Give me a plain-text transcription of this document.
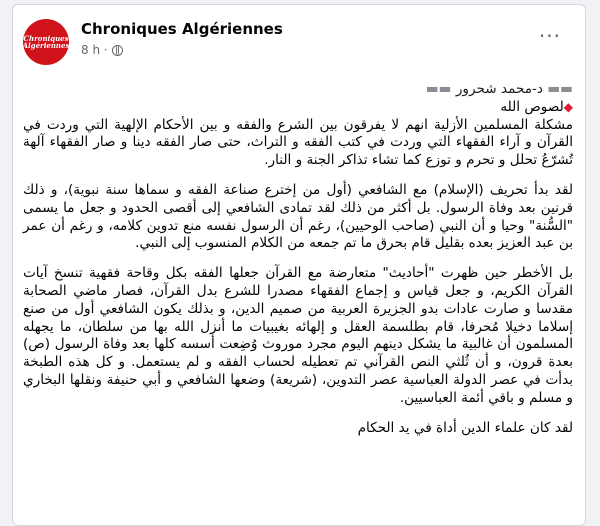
Chroniques
Algériennes
Chroniques Algériennes
8 h ·
···
▬▬ د-محمد شحرور ▬▬
◆لصوص الله

مشكلة المسلمين الأزلية انهم لا يفرقون بين الشرع والفقه و بين الأحكام الإلهية التي وردت في القرآن و آراء الفقهاء التي وردت في كتب الفقه و التراث، حتى صار الفقه دينا و صار الفقهاء آلهة تُشرّعُ تحلل و تحرم و توزع كما تشاء تذاكر الجنة و النار.

لقد بدأ تحريف (الإسلام) مع الشافعي (أول من إخترع صناعة الفقه و سماها سنة نبوية)، و ذلك قرنين بعد وفاة الرسول. بل أكثر من ذلك لقد تمادى الشافعي إلى أقصى الحدود و جعل ما يسمى "السُّنة" وحيا و أن النبي (صاحب الوحيين)، رغم أن الرسول نفسه منع تدوين كلامه، و رغم أن عمر بن عبد العزيز بعده بقليل قام بحرق ما تم جمعه من الكلام المنسوب إلى النبي.

بل الأخطر حين ظهرت "أحاديث" متعارضة مع القرآن جعلها الفقه بكل وقاحة فقهية تنسخ آيات القرآن الكريم، و جعل قياس و إجماع الفقهاء مصدرا للشرع بدل القرآن، فصار ماضي الصحابة مقدسا و صارت عادات بدو الجزيرة العربية من صميم الدين، و بذلك يكون الشافعي أول من صنع إسلاما دخيلا مُحرفا، قام بطلسمة العقل و إلهائه بغيبيات ما أنزل الله بها من سلطان، ما يجهله المسلمون أن غالبية ما يشكل دينهم اليوم مجرد موروث وُضِعت أسسه كلها بعد وفاة الرسول (ص) بعدة قرون، و أن ثُلثي النص القرآني تم تعطيله لحساب الفقه و لم يستعمل. و كل هذه الطبخة بدأت في عصر الدولة العباسية عصر التدوين، (شريعة) وضعها الشافعي و أبي حنيفة ونقلها البخاري و مسلم و باقي أئمة العباسيين.

لقد كان علماء الدين أداة في يد الحكام
